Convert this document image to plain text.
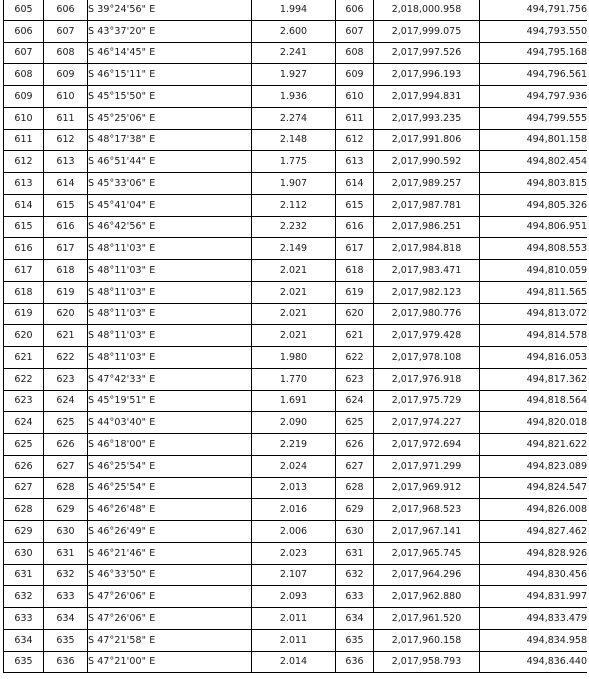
605	606	S 39°24'56" E	1.994	606	2,018,000.958	494,791.756
606	607	S 43°37'20" E	2.600	607	2,017,999.075	494,793.550
607	608	S 46°14'45" E	2.241	608	2,017,997.526	494,795.168
608	609	S 46°15'11" E	1.927	609	2,017,996.193	494,796.561
609	610	S 45°15'50" E	1.936	610	2,017,994.831	494,797.936
610	611	S 45°25'06" E	2.274	611	2,017,993.235	494,799.555
611	612	S 48°17'38" E	2.148	612	2,017,991.806	494,801.158
612	613	S 46°51'44" E	1.775	613	2,017,990.592	494,802.454
613	614	S 45°33'06" E	1.907	614	2,017,989.257	494,803.815
614	615	S 45°41'04" E	2.112	615	2,017,987.781	494,805.326
615	616	S 46°42'56" E	2.232	616	2,017,986.251	494,806.951
616	617	S 48°11'03" E	2.149	617	2,017,984.818	494,808.553
617	618	S 48°11'03" E	2.021	618	2,017,983.471	494,810.059
618	619	S 48°11'03" E	2.021	619	2,017,982.123	494,811.565
619	620	S 48°11'03" E	2.021	620	2,017,980.776	494,813.072
620	621	S 48°11'03" E	2.021	621	2,017,979.428	494,814.578
621	622	S 48°11'03" E	1.980	622	2,017,978.108	494,816.053
622	623	S 47°42'33" E	1.770	623	2,017,976.918	494,817.362
623	624	S 45°19'51" E	1.691	624	2,017,975.729	494,818.564
624	625	S 44°03'40" E	2.090	625	2,017,974.227	494,820.018
625	626	S 46°18'00" E	2.219	626	2,017,972.694	494,821.622
626	627	S 46°25'54" E	2.024	627	2,017,971.299	494,823.089
627	628	S 46°25'54" E	2.013	628	2,017,969.912	494,824.547
628	629	S 46°26'48" E	2.016	629	2,017,968.523	494,826.008
629	630	S 46°26'49" E	2.006	630	2,017,967.141	494,827.462
630	631	S 46°21'46" E	2.023	631	2,017,965.745	494,828.926
631	632	S 46°33'50" E	2.107	632	2,017,964.296	494,830.456
632	633	S 47°26'06" E	2.093	633	2,017,962.880	494,831.997
633	634	S 47°26'06" E	2.011	634	2,017,961.520	494,833.479
634	635	S 47°21'58" E	2.011	635	2,017,960.158	494,834.958
635	636	S 47°21'00" E	2.014	636	2,017,958.793	494,836.440
